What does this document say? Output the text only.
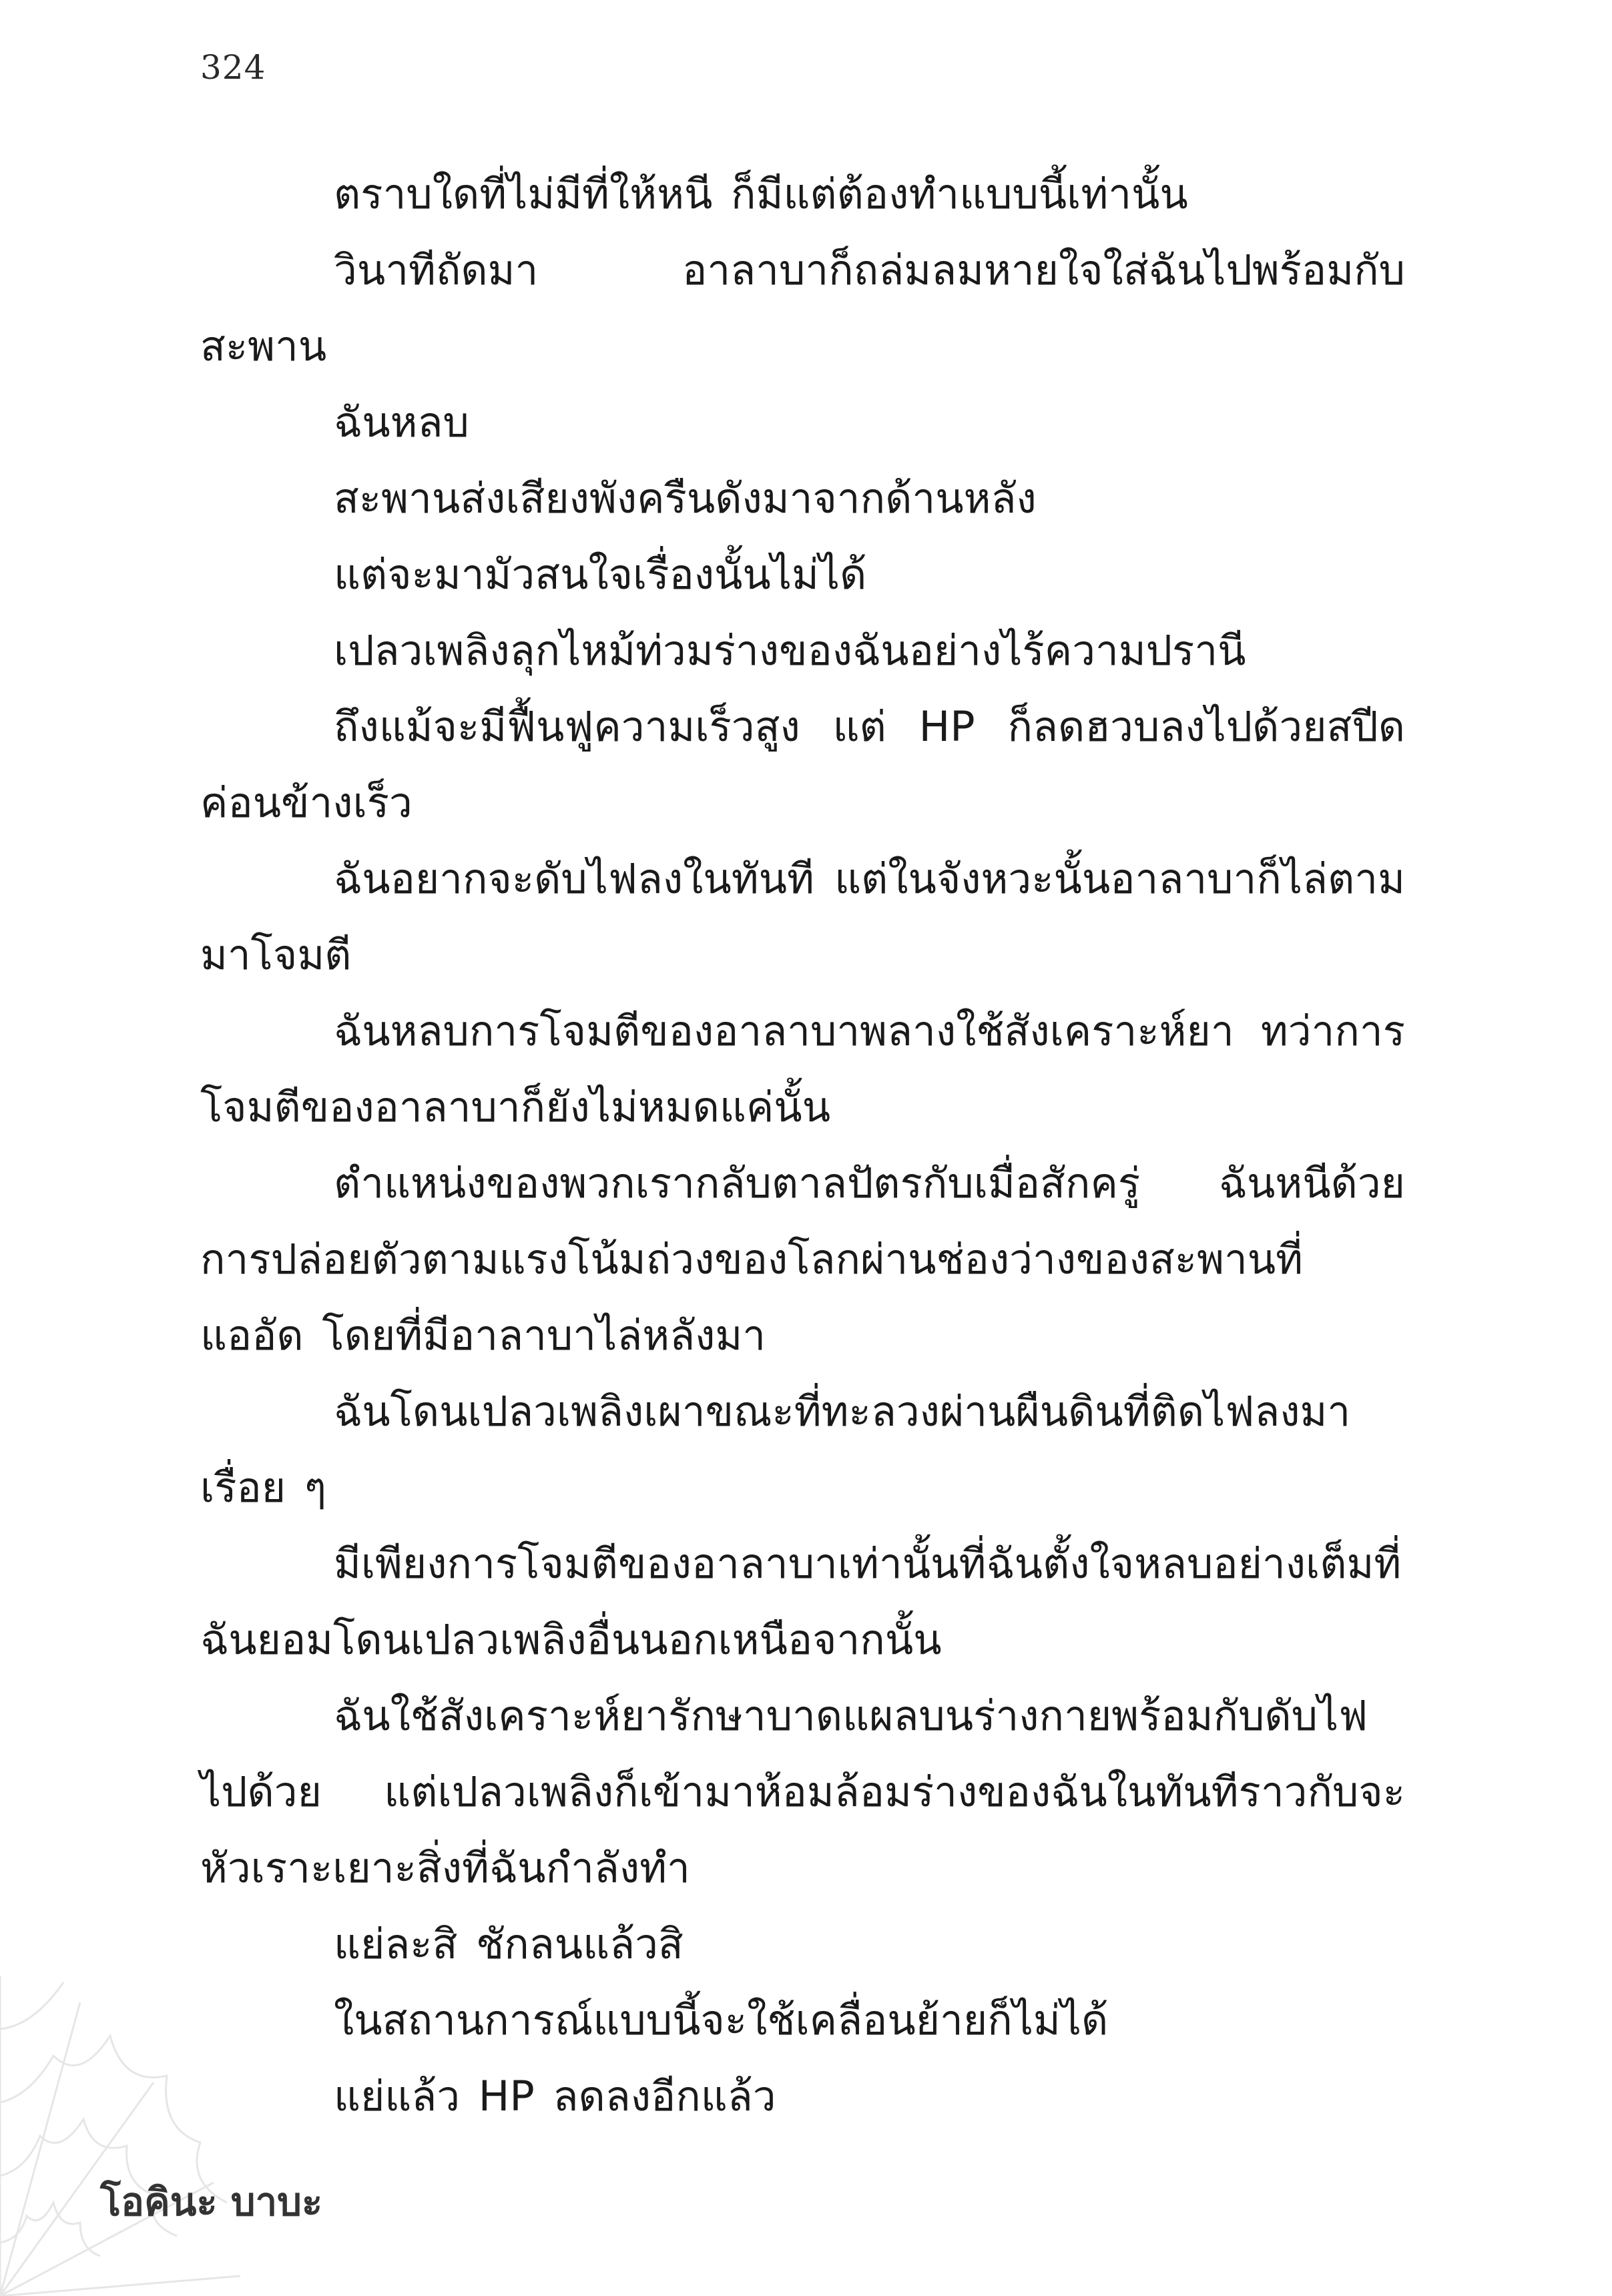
324

ตราบใดที่ไม่มีที่ให้หนี ก็มีแต่ต้องทำแบบนี้เท่านั้น

วินาทีถัดมา อาลาบาก็ถล่มลมหายใจใส่ฉันไปพร้อมกับสะพาน

ฉันหลบ

สะพานส่งเสียงพังครืนดังมาจากด้านหลัง

แต่จะมามัวสนใจเรื่องนั้นไม่ได้

เปลวเพลิงลุกไหม้ท่วมร่างของฉันอย่างไร้ความปรานี

ถึงแม้จะมีฟื้นฟูความเร็วสูง แต่ HP ก็ลดฮวบลงไปด้วยสปีดค่อนข้างเร็ว

ฉันอยากจะดับไฟลงในทันที แต่ในจังหวะนั้นอาลาบาก็ไล่ตามมาโจมตี

ฉันหลบการโจมตีของอาลาบาพลางใช้สังเคราะห์ยา ทว่าการโจมตีของอาลาบาก็ยังไม่หมดแค่นั้น

ตำแหน่งของพวกเรากลับตาลปัตรกับเมื่อสักครู่ ฉันหนีด้วยการปล่อยตัวตามแรงโน้มถ่วงของโลกผ่านช่องว่างของสะพานที่แออัด โดยที่มีอาลาบาไล่หลังมา

ฉันโดนเปลวเพลิงเผาขณะที่ทะลวงผ่านผืนดินที่ติดไฟลงมาเรื่อย ๆ

มีเพียงการโจมตีของอาลาบาเท่านั้นที่ฉันตั้งใจหลบอย่างเต็มที่ฉันยอมโดนเปลวเพลิงอื่นนอกเหนือจากนั้น

ฉันใช้สังเคราะห์ยารักษาบาดแผลบนร่างกายพร้อมกับดับไฟไปด้วย แต่เปลวเพลิงก็เข้ามาห้อมล้อมร่างของฉันในทันทีราวกับจะหัวเราะเยาะสิ่งที่ฉันกำลังทำ

แย่ละสิ ชักลนแล้วสิ

ในสถานการณ์แบบนี้จะใช้เคลื่อนย้ายก็ไม่ได้

แย่แล้ว HP ลดลงอีกแล้ว

โอคินะ บาบะ
